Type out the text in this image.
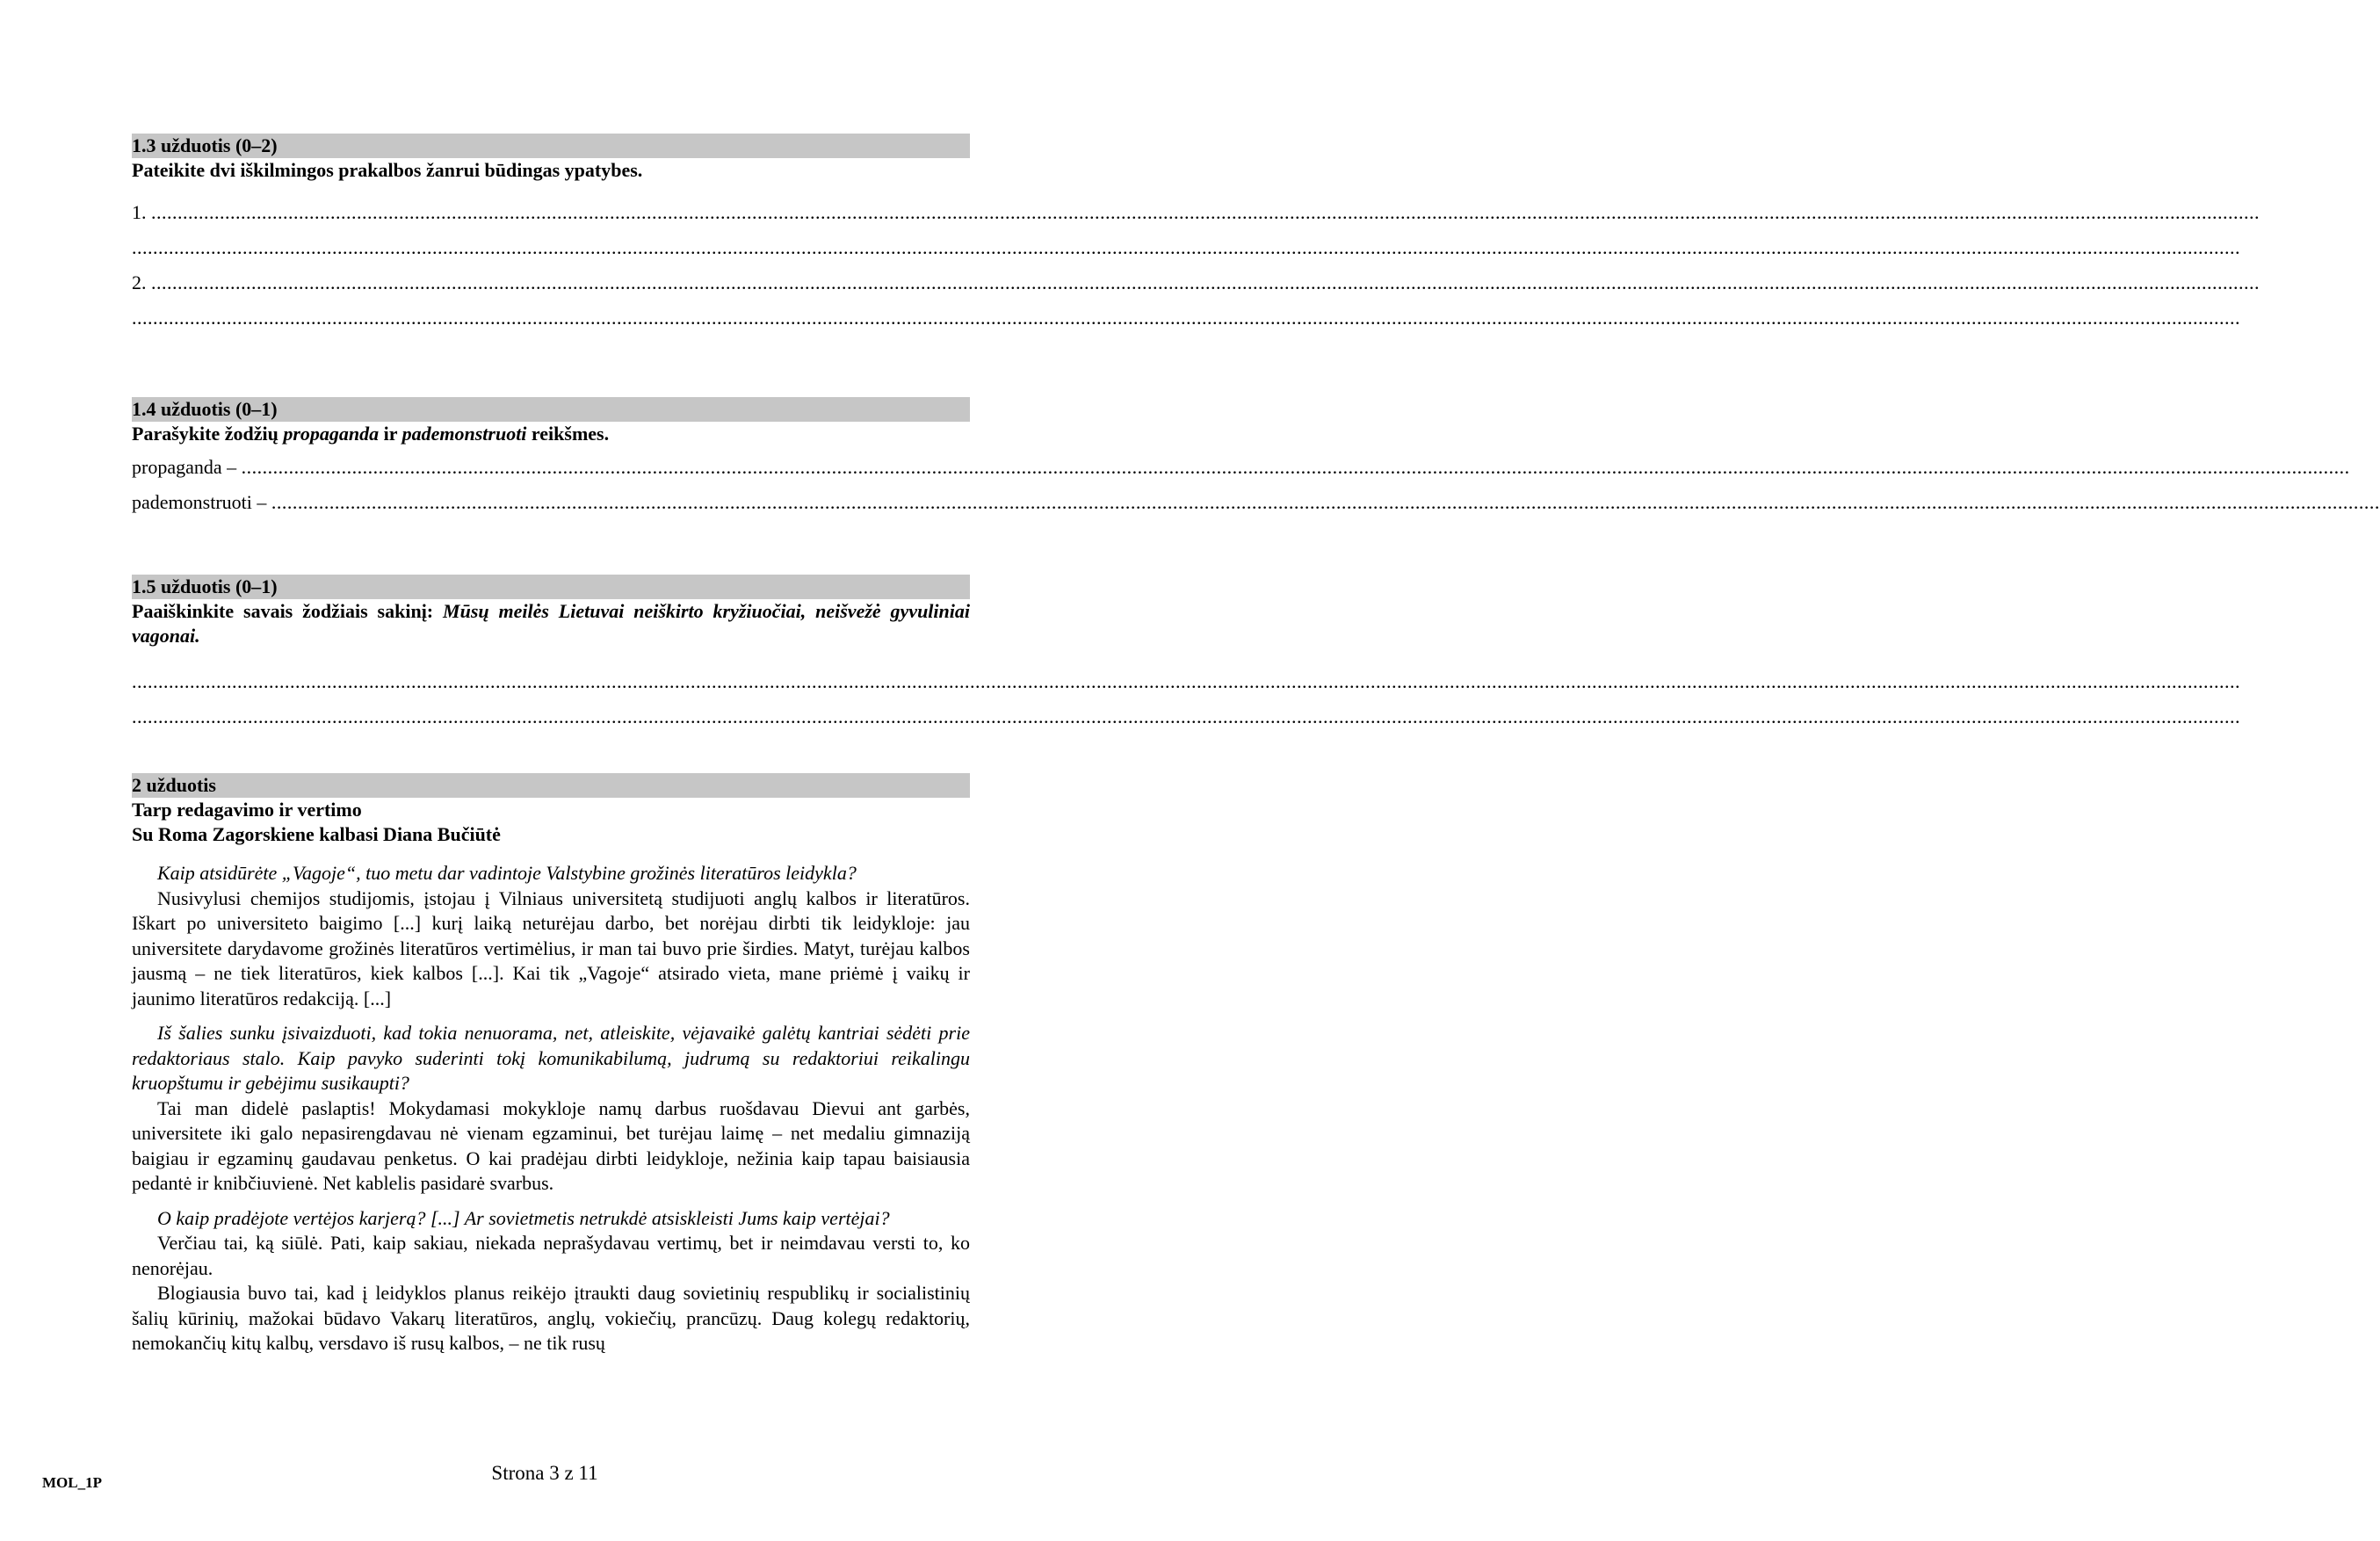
1.3 užduotis (0–2)

Pateikite dvi iškilmingos prakalbos žanrui būdingas ypatybes.

1. ................................................................................................................................................................................................................................................................................................................................................................................................................
................................................................................................................................................................................................................................................................................................................................................................................................................
2. ................................................................................................................................................................................................................................................................................................................................................................................................................
................................................................................................................................................................................................................................................................................................................................................................................................................
1.4 užduotis (0–1)

Parašykite žodžių propaganda ir pademonstruoti reikšmes.

propaganda – ................................................................................................................................................................................................................................................................................................................................................................................................................
pademonstruoti – ................................................................................................................................................................................................................................................................................................................................................................................................................
1.5 užduotis (0–1)

Paaiškinkite savais žodžiais sakinį: Mūsų meilės Lietuvai neiškirto kryžiuočiai, neišvežė gyvuliniai vagonai.

................................................................................................................................................................................................................................................................................................................................................................................................................
................................................................................................................................................................................................................................................................................................................................................................................................................
2 užduotis

Tarp redagavimo ir vertimo

Su Roma Zagorskiene kalbasi Diana Bučiūtė

Kaip atsidūrėte „Vagoje“, tuo metu dar vadintoje Valstybine grožinės literatūros leidykla?

Nusivylusi chemijos studijomis, įstojau į Vilniaus universitetą studijuoti anglų kalbos ir literatūros. Iškart po universiteto baigimo [...] kurį laiką neturėjau darbo, bet norėjau dirbti tik leidykloje: jau universitete darydavome grožinės literatūros vertimėlius, ir man tai buvo prie širdies. Matyt, turėjau kalbos jausmą – ne tiek literatūros, kiek kalbos [...]. Kai tik „Vagoje“ atsirado vieta, mane priėmė į vaikų ir jaunimo literatūros redakciją. [...]

Iš šalies sunku įsivaizduoti, kad tokia nenuorama, net, atleiskite, vėjavaikė galėtų kantriai sėdėti prie redaktoriaus stalo. Kaip pavyko suderinti tokį komunikabilumą, judrumą su redaktoriui reikalingu kruopštumu ir gebėjimu susikaupti?

Tai man didelė paslaptis! Mokydamasi mokykloje namų darbus ruošdavau Dievui ant garbės, universitete iki galo nepasirengdavau nė vienam egzaminui, bet turėjau laimę – net medaliu gimnaziją baigiau ir egzaminų gaudavau penketus. O kai pradėjau dirbti leidykloje, nežinia kaip tapau baisiausia pedantė ir knibčiuvienė. Net kablelis pasidarė svarbus.

O kaip pradėjote vertėjos karjerą? [...] Ar sovietmetis netrukdė atsiskleisti Jums kaip vertėjai?

Verčiau tai, ką siūlė. Pati, kaip sakiau, niekada neprašydavau vertimų, bet ir neimdavau versti to, ko nenorėjau.

Blogiausia buvo tai, kad į leidyklos planus reikėjo įtraukti daug sovietinių respublikų ir socialistinių šalių kūrinių, mažokai būdavo Vakarų literatūros, anglų, vokiečių, prancūzų. Daug kolegų redaktorių, nemokančių kitų kalbų, versdavo iš rusų kalbos, – ne tik rusų

MOL_1P	Strona 3 z 11
